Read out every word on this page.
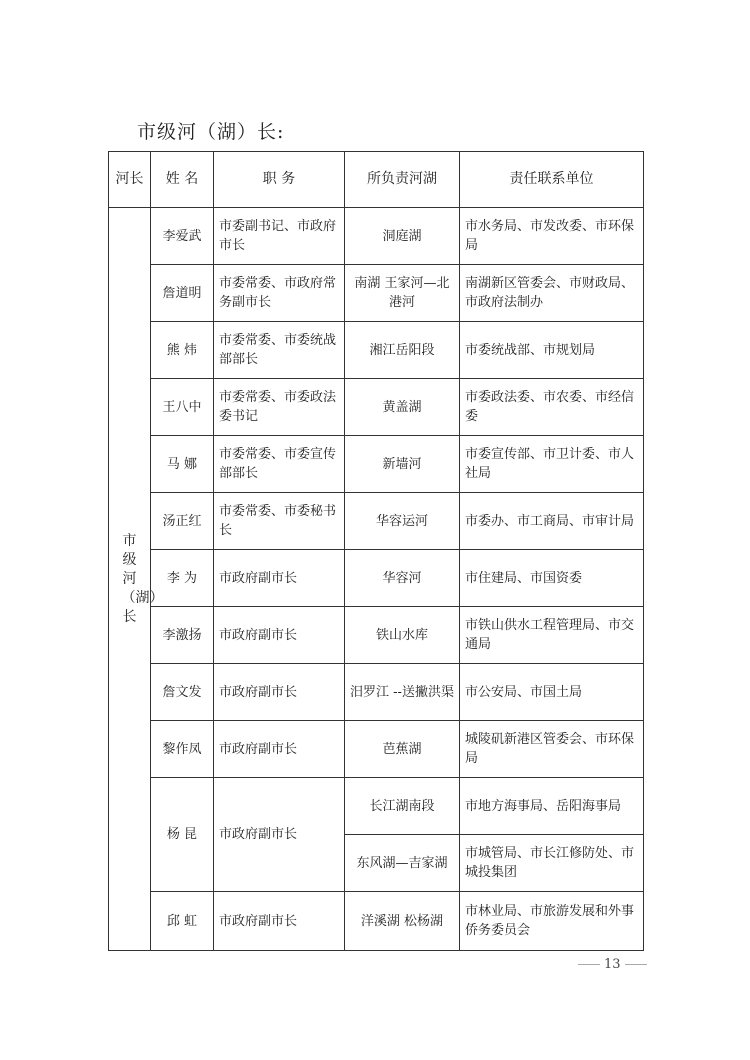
市级河（湖）长:
河长	姓 名	职 务	所负责河湖	责任联系单位
市级河（湖）长	李爱武	市委副书记、市政府市长	洞庭湖	市水务局、市发改委、市环保局
	詹道明	市委常委、市政府常务副市长	南湖 王家河—北港河	南湖新区管委会、市财政局、市政府法制办
	熊 炜	市委常委、市委统战部部长	湘江岳阳段	市委统战部、市规划局
	王八中	市委常委、市委政法委书记	黄盖湖	市委政法委、市农委、市经信委
	马 娜	市委常委、市委宣传部部长	新墙河	市委宣传部、市卫计委、市人社局
	汤正红	市委常委、市委秘书长	华容运河	市委办、市工商局、市审计局
	李 为	市政府副市长	华容河	市住建局、市国资委
	李激扬	市政府副市长	铁山水库	市铁山供水工程管理局、市交通局
	詹文发	市政府副市长	汨罗江 --送撇洪渠	市公安局、市国土局
	黎作凤	市政府副市长	芭蕉湖	城陵矶新港区管委会、市环保局
	杨 昆	市政府副市长	长江湖南段	市地方海事局、岳阳海事局
			东风湖—吉家湖	市城管局、市长江修防处、市城投集团
	邱 虹	市政府副市长	洋溪湖 松杨湖	市林业局、市旅游发展和外事侨务委员会
13
